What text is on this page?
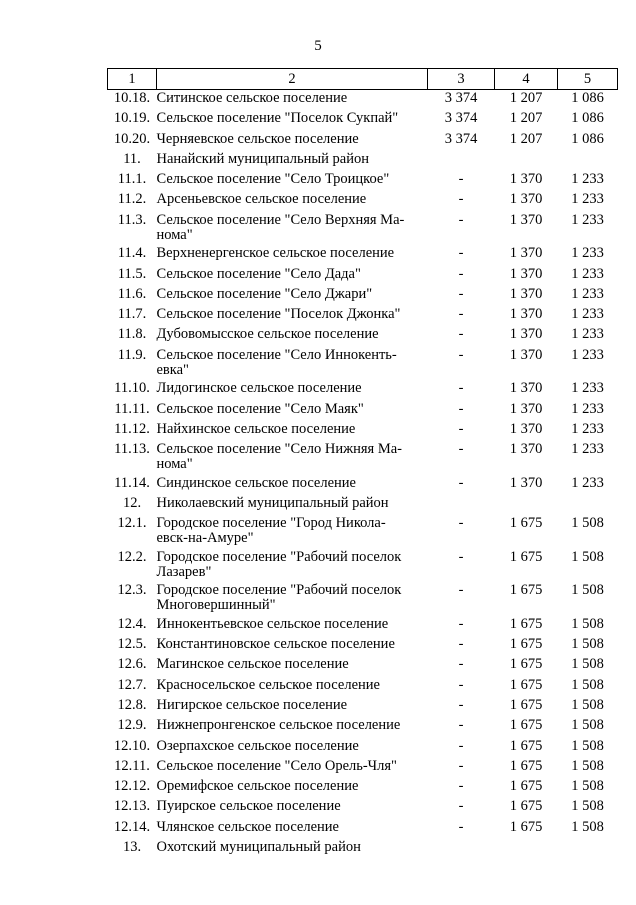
5
1	2	3	4	5
10.18.	Ситинское сельское поселение	3 374	1 207	1 086
10.19.	Сельское поселение "Поселок Сукпай"	3 374	1 207	1 086
10.20.	Черняевское сельское поселение	3 374	1 207	1 086
11.	Нанайский муниципальный район			

11.1.	Сельское поселение "Село Троицкое"	-	1 370	1 233
11.2.	Арсеньевское сельское поселение	-	1 370	1 233
11.3.	Сельское поселение "Село Верхняя Ма-
нома"	-	1 370	1 233
11.4.	Верхненергенское сельское поселение	-	1 370	1 233
11.5.	Сельское поселение "Село Дада"	-	1 370	1 233
11.6.	Сельское поселение "Село Джари"	-	1 370	1 233
11.7.	Сельское поселение "Поселок Джонка"	-	1 370	1 233
11.8.	Дубовомысское сельское поселение	-	1 370	1 233
11.9.	Сельское поселение "Село Иннокенть-
евка"	-	1 370	1 233
11.10.	Лидогинское сельское поселение	-	1 370	1 233
11.11.	Сельское поселение "Село Маяк"	-	1 370	1 233
11.12.	Найхинское сельское поселение	-	1 370	1 233
11.13.	Сельское поселение "Село Нижняя Ма-
нома"	-	1 370	1 233
11.14.	Синдинское сельское поселение	-	1 370	1 233
12.	Николаевский муниципальный район			

12.1.	Городское поселение "Город Никола-
евск-на-Амуре"	-	1 675	1 508
12.2.	Городское поселение "Рабочий поселок
Лазарев"	-	1 675	1 508
12.3.	Городское поселение "Рабочий поселок
Многовершинный"	-	1 675	1 508
12.4.	Иннокентьевское сельское поселение	-	1 675	1 508
12.5.	Константиновское сельское поселение	-	1 675	1 508
12.6.	Магинское сельское поселение	-	1 675	1 508
12.7.	Красносельское сельское поселение	-	1 675	1 508
12.8.	Нигирское сельское поселение	-	1 675	1 508
12.9.	Нижнепронгенское сельское поселение	-	1 675	1 508
12.10.	Озерпахское сельское поселение	-	1 675	1 508
12.11.	Сельское поселение "Село Орель-Чля"	-	1 675	1 508
12.12.	Оремифское сельское поселение	-	1 675	1 508
12.13.	Пуирское сельское поселение	-	1 675	1 508
12.14.	Члянское сельское поселение	-	1 675	1 508
13.	Охотский муниципальный район			
